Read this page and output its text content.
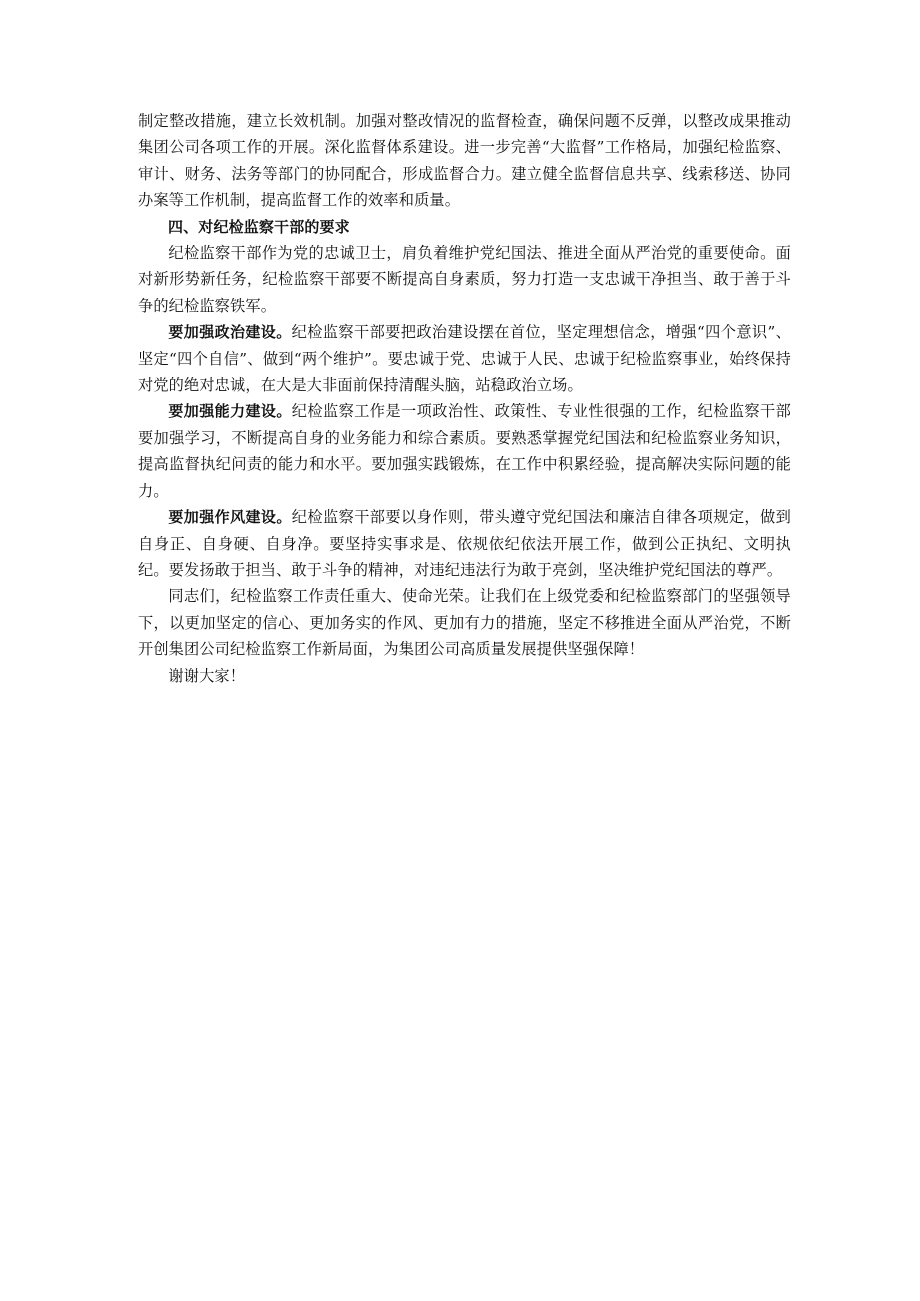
制定整改措施，建立长效机制。加强对整改情况的监督检查，确保问题不反弹，以整改成果推动集团公司各项工作的开展。深化监督体系建设。进一步完善“大监督”工作格局，加强纪检监察、审计、财务、法务等部门的协同配合，形成监督合力。建立健全监督信息共享、线索移送、协同办案等工作机制，提高监督工作的效率和质量。

四、对纪检监察干部的要求

纪检监察干部作为党的忠诚卫士，肩负着维护党纪国法、推进全面从严治党的重要使命。面对新形势新任务，纪检监察干部要不断提高自身素质，努力打造一支忠诚干净担当、敢于善于斗争的纪检监察铁军。

要加强政治建设。纪检监察干部要把政治建设摆在首位，坚定理想信念，增强“四个意识”、坚定“四个自信”、做到“两个维护”。要忠诚于党、忠诚于人民、忠诚于纪检监察事业，始终保持对党的绝对忠诚，在大是大非面前保持清醒头脑，站稳政治立场。

要加强能力建设。纪检监察工作是一项政治性、政策性、专业性很强的工作，纪检监察干部要加强学习，不断提高自身的业务能力和综合素质。要熟悉掌握党纪国法和纪检监察业务知识，提高监督执纪问责的能力和水平。要加强实践锻炼，在工作中积累经验，提高解决实际问题的能力。

要加强作风建设。纪检监察干部要以身作则，带头遵守党纪国法和廉洁自律各项规定，做到自身正、自身硬、自身净。要坚持实事求是、依规依纪依法开展工作，做到公正执纪、文明执纪。要发扬敢于担当、敢于斗争的精神，对违纪违法行为敢于亮剑，坚决维护党纪国法的尊严。

同志们，纪检监察工作责任重大、使命光荣。让我们在上级党委和纪检监察部门的坚强领导下，以更加坚定的信心、更加务实的作风、更加有力的措施，坚定不移推进全面从严治党，不断开创集团公司纪检监察工作新局面，为集团公司高质量发展提供坚强保障！

谢谢大家！
